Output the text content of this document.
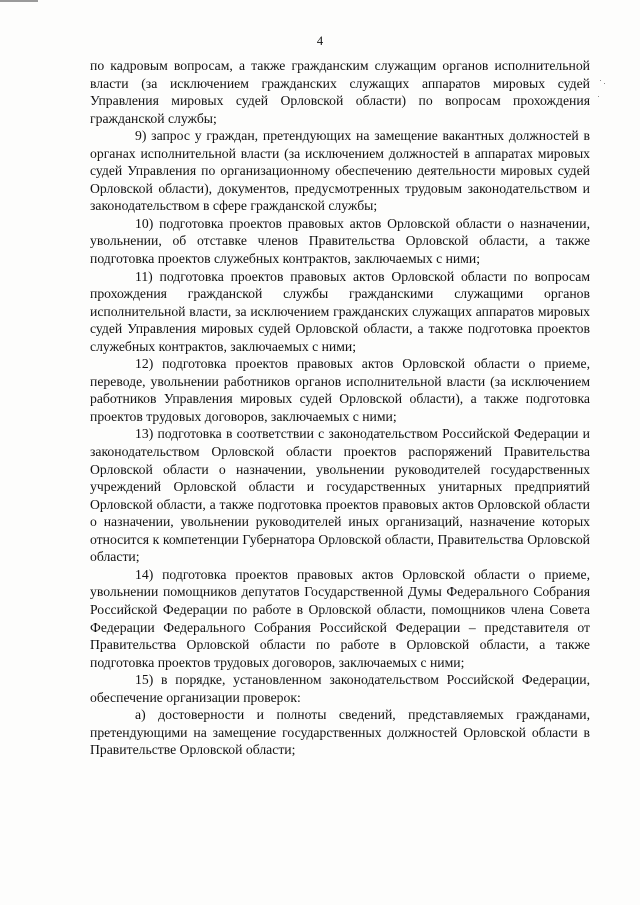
4

по кадровым вопросам, а также гражданским служащим органов исполнительной власти (за исключением гражданских служащих аппаратов мировых судей Управления мировых судей Орловской области) по вопросам прохождения гражданской службы;

9) запрос у граждан, претендующих на замещение вакантных должностей в органах исполнительной власти (за исключением должностей в аппаратах мировых судей Управления по организационному обеспечению деятельности мировых судей Орловской области), документов, предусмотренных трудовым законодательством и законодательством в сфере гражданской службы;

10) подготовка проектов правовых актов Орловской области о назначении, увольнении, об отставке членов Правительства Орловской области, а также подготовка проектов служебных контрактов, заключаемых с ними;

11) подготовка проектов правовых актов Орловской области по вопросам прохождения гражданской службы гражданскими служащими органов исполнительной власти, за исключением гражданских служащих аппаратов мировых судей Управления мировых судей Орловской области, а также подготовка проектов служебных контрактов, заключаемых с ними;

12) подготовка проектов правовых актов Орловской области о приеме, переводе, увольнении работников органов исполнительной власти (за исключением работников Управления мировых судей Орловской области), а также подготовка проектов трудовых договоров, заключаемых с ними;

13) подготовка в соответствии с законодательством Российской Федерации и законодательством Орловской области проектов распоряжений Правительства Орловской области о назначении, увольнении руководителей государственных учреждений Орловской области и государственных унитарных предприятий Орловской области, а также подготовка проектов правовых актов Орловской области о назначении, увольнении руководителей иных организаций, назначение которых относится к компетенции Губернатора Орловской области, Правительства Орловской области;

14) подготовка проектов правовых актов Орловской области о приеме, увольнении помощников депутатов Государственной Думы Федерального Собрания Российской Федерации по работе в Орловской области, помощников члена Совета Федерации Федерального Собрания Российской Федерации – представителя от Правительства Орловской области по работе в Орловской области, а также подготовка проектов трудовых договоров, заключаемых с ними;

15) в порядке, установленном законодательством Российской Федерации, обеспечение организации проверок:

а) достоверности и полноты сведений, представляемых гражданами, претендующими на замещение государственных должностей Орловской области в Правительстве Орловской области;
